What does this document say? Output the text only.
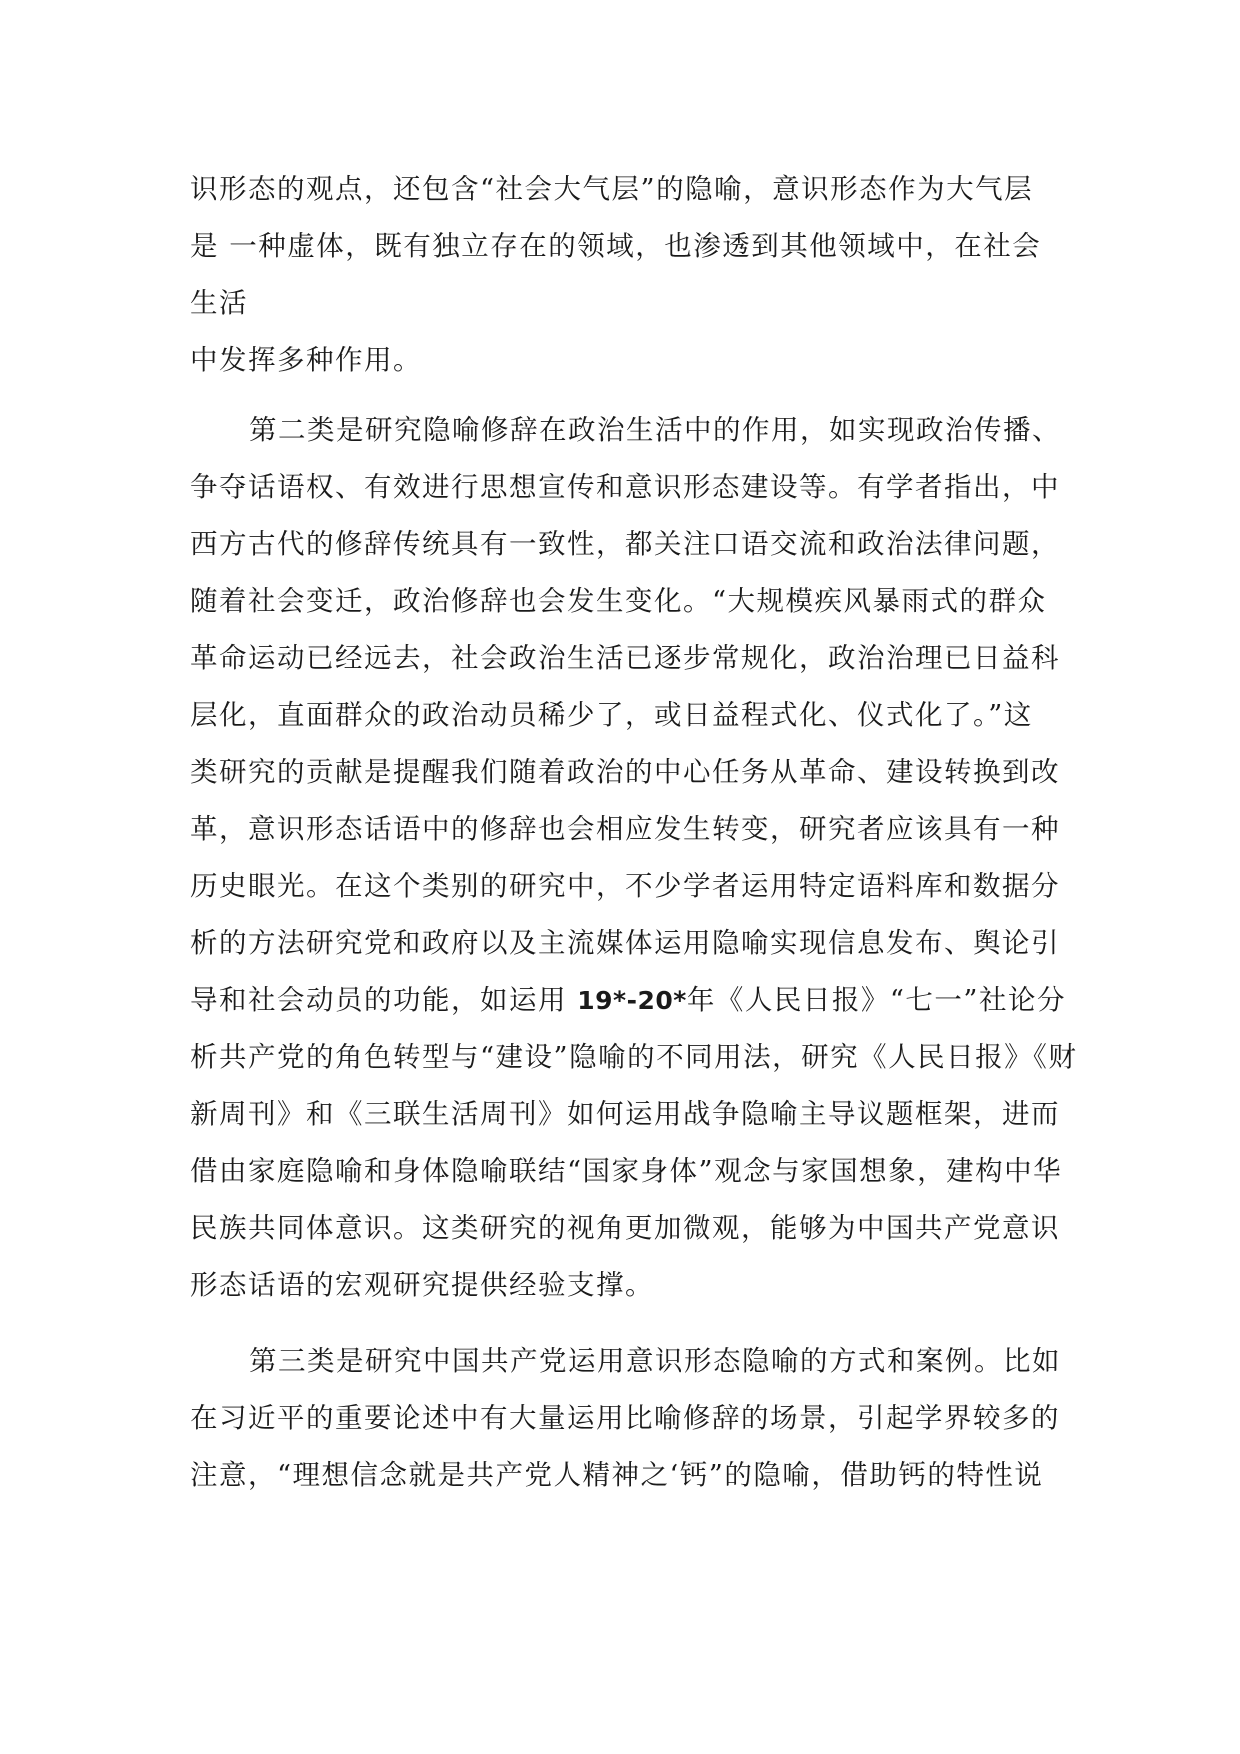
识形态的观点，还包含“社会大气层”的隐喻，意识形态作为大气层
是 一种虚体，既有独立存在的领域，也渗透到其他领域中，在社会
生活
中发挥多种作用。
第二类是研究隐喻修辞在政治生活中的作用，如实现政治传播、
争夺话语权、有效进行思想宣传和意识形态建设等。有学者指出，中
西方古代的修辞传统具有一致性，都关注口语交流和政治法律问题，
随着社会变迁，政治修辞也会发生变化。“大规模疾风暴雨式的群众
革命运动已经远去，社会政治生活已逐步常规化，政治治理已日益科
层化，直面群众的政治动员稀少了，或日益程式化、仪式化了。”这
类研究的贡献是提醒我们随着政治的中心任务从革命、建设转换到改
革，意识形态话语中的修辞也会相应发生转变，研究者应该具有一种
历史眼光。在这个类别的研究中，不少学者运用特定语料库和数据分
析的方法研究党和政府以及主流媒体运用隐喻实现信息发布、舆论引
导和社会动员的功能，如运用 19*-20*年《人民日报》“七一”社论分
析共产党的角色转型与“建设”隐喻的不同用法，研究《人民日报》《财
新周刊》和《三联生活周刊》如何运用战争隐喻主导议题框架，进而
借由家庭隐喻和身体隐喻联结“国家身体”观念与家国想象，建构中华
民族共同体意识。这类研究的视角更加微观，能够为中国共产党意识
形态话语的宏观研究提供经验支撑。
第三类是研究中国共产党运用意识形态隐喻的方式和案例。比如
在习近平的重要论述中有大量运用比喻修辞的场景，引起学界较多的
注意，“理想信念就是共产党人精神之‘钙”的隐喻，借助钙的特性说
